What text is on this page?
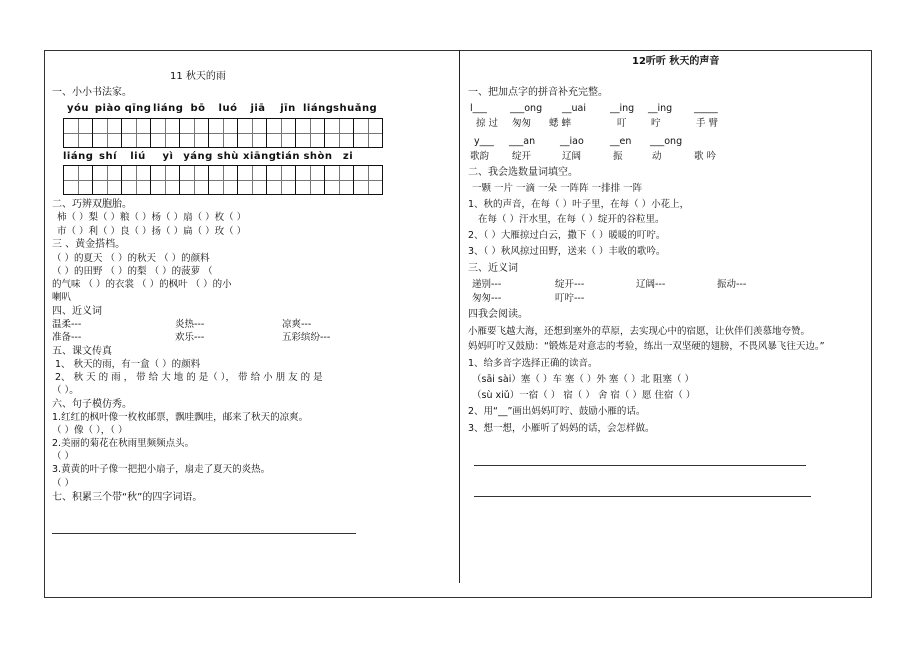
11 秋天的雨
一、小小书法家。
yóu piào qīng liáng bō luó jiā jīn liángshuǎng
liáng shí liú yì yáng shù xiāngtián shòn zi
二、巧辨双胞胎。
柿（ ）梨（ ）粮（ ）杨（ ）扇（ ）枚（ ）
市（ ）利（ ）良（ ）扬（ ）扁（ ）玫（ ）
三 、黄金搭档。
（ ）的夏天 （ ）的秋天 （ ）的颜料
（ ）的田野 （ ）的梨 （ ）的菠萝 （
的气味 （ ）的衣裳 （ ）的枫叶 （ ）的小
喇叭
四、近义词
温柔---	炎热---	凉爽---
准备---	欢乐---	五彩缤纷---
五、课文传真
1、 秋天的雨，有一盒（ ）的颜料
2、 秋 天 的 雨 ， 带 给 大 地 的 是（ ）， 带 给 小 朋 友 的 是
（ ）。
六、句子模仿秀。
1.红红的枫叶像一枚枚邮票，飘哇飘哇，邮来了秋天的凉爽。
（ ）像（ ），（ ）
2.美丽的菊花在秋雨里频频点头。
（ ）
3.黄黄的叶子像一把把小扇子，扇走了夏天的炎热。
（ ）
七、积累三个带“秋”的四字词语。
12听听 秋天的声音
一、把加点字的拼音补充完整。
l___ ___ong __uai	__ing __ing _____
掠 过 匆匆 蟋 蟀	叮	咛	手 臂
y___ ___an	__iao	__en ___ong
歌韵 绽开	辽阔	振	动	歌 吟
二、我会选数量词填空。
一颗 一片 一滴 一朵 一阵阵 一排排 一阵
1、秋的声音，在每（ ）叶子里，在每（ ）小花上，
在每（ ）汗水里，在每（ ）绽开的谷粒里。
2、（ ）大雁掠过白云，撒下（ ）暖暖的叮咛。
3、（ ）秋风掠过田野，送来（ ）丰收的歌吟。
三、近义词
递别---	绽开---	辽阔---	振动---
匆匆---	叮咛---
四我会阅读。
小雁要飞越大海，还想到塞外的草原，去实现心中的宿愿，让伙伴们羡慕地夸赞。
妈妈叮咛又鼓励：“锻炼是对意志的考验，练出一双坚硬的翅膀，不畏风暴飞往天边。”
1、给多音字选择正确的读音。
（sāi sài）塞（ ）车 塞（ ）外 塞（ ）北 阻塞（ ）
（sù xiǔ）一宿（ ） 宿（ ） 舍 宿（ ）愿 住宿（ ）
2、用“__”画出妈妈叮咛、鼓励小雁的话。
3、想一想，小雁听了妈妈的话，会怎样做。
